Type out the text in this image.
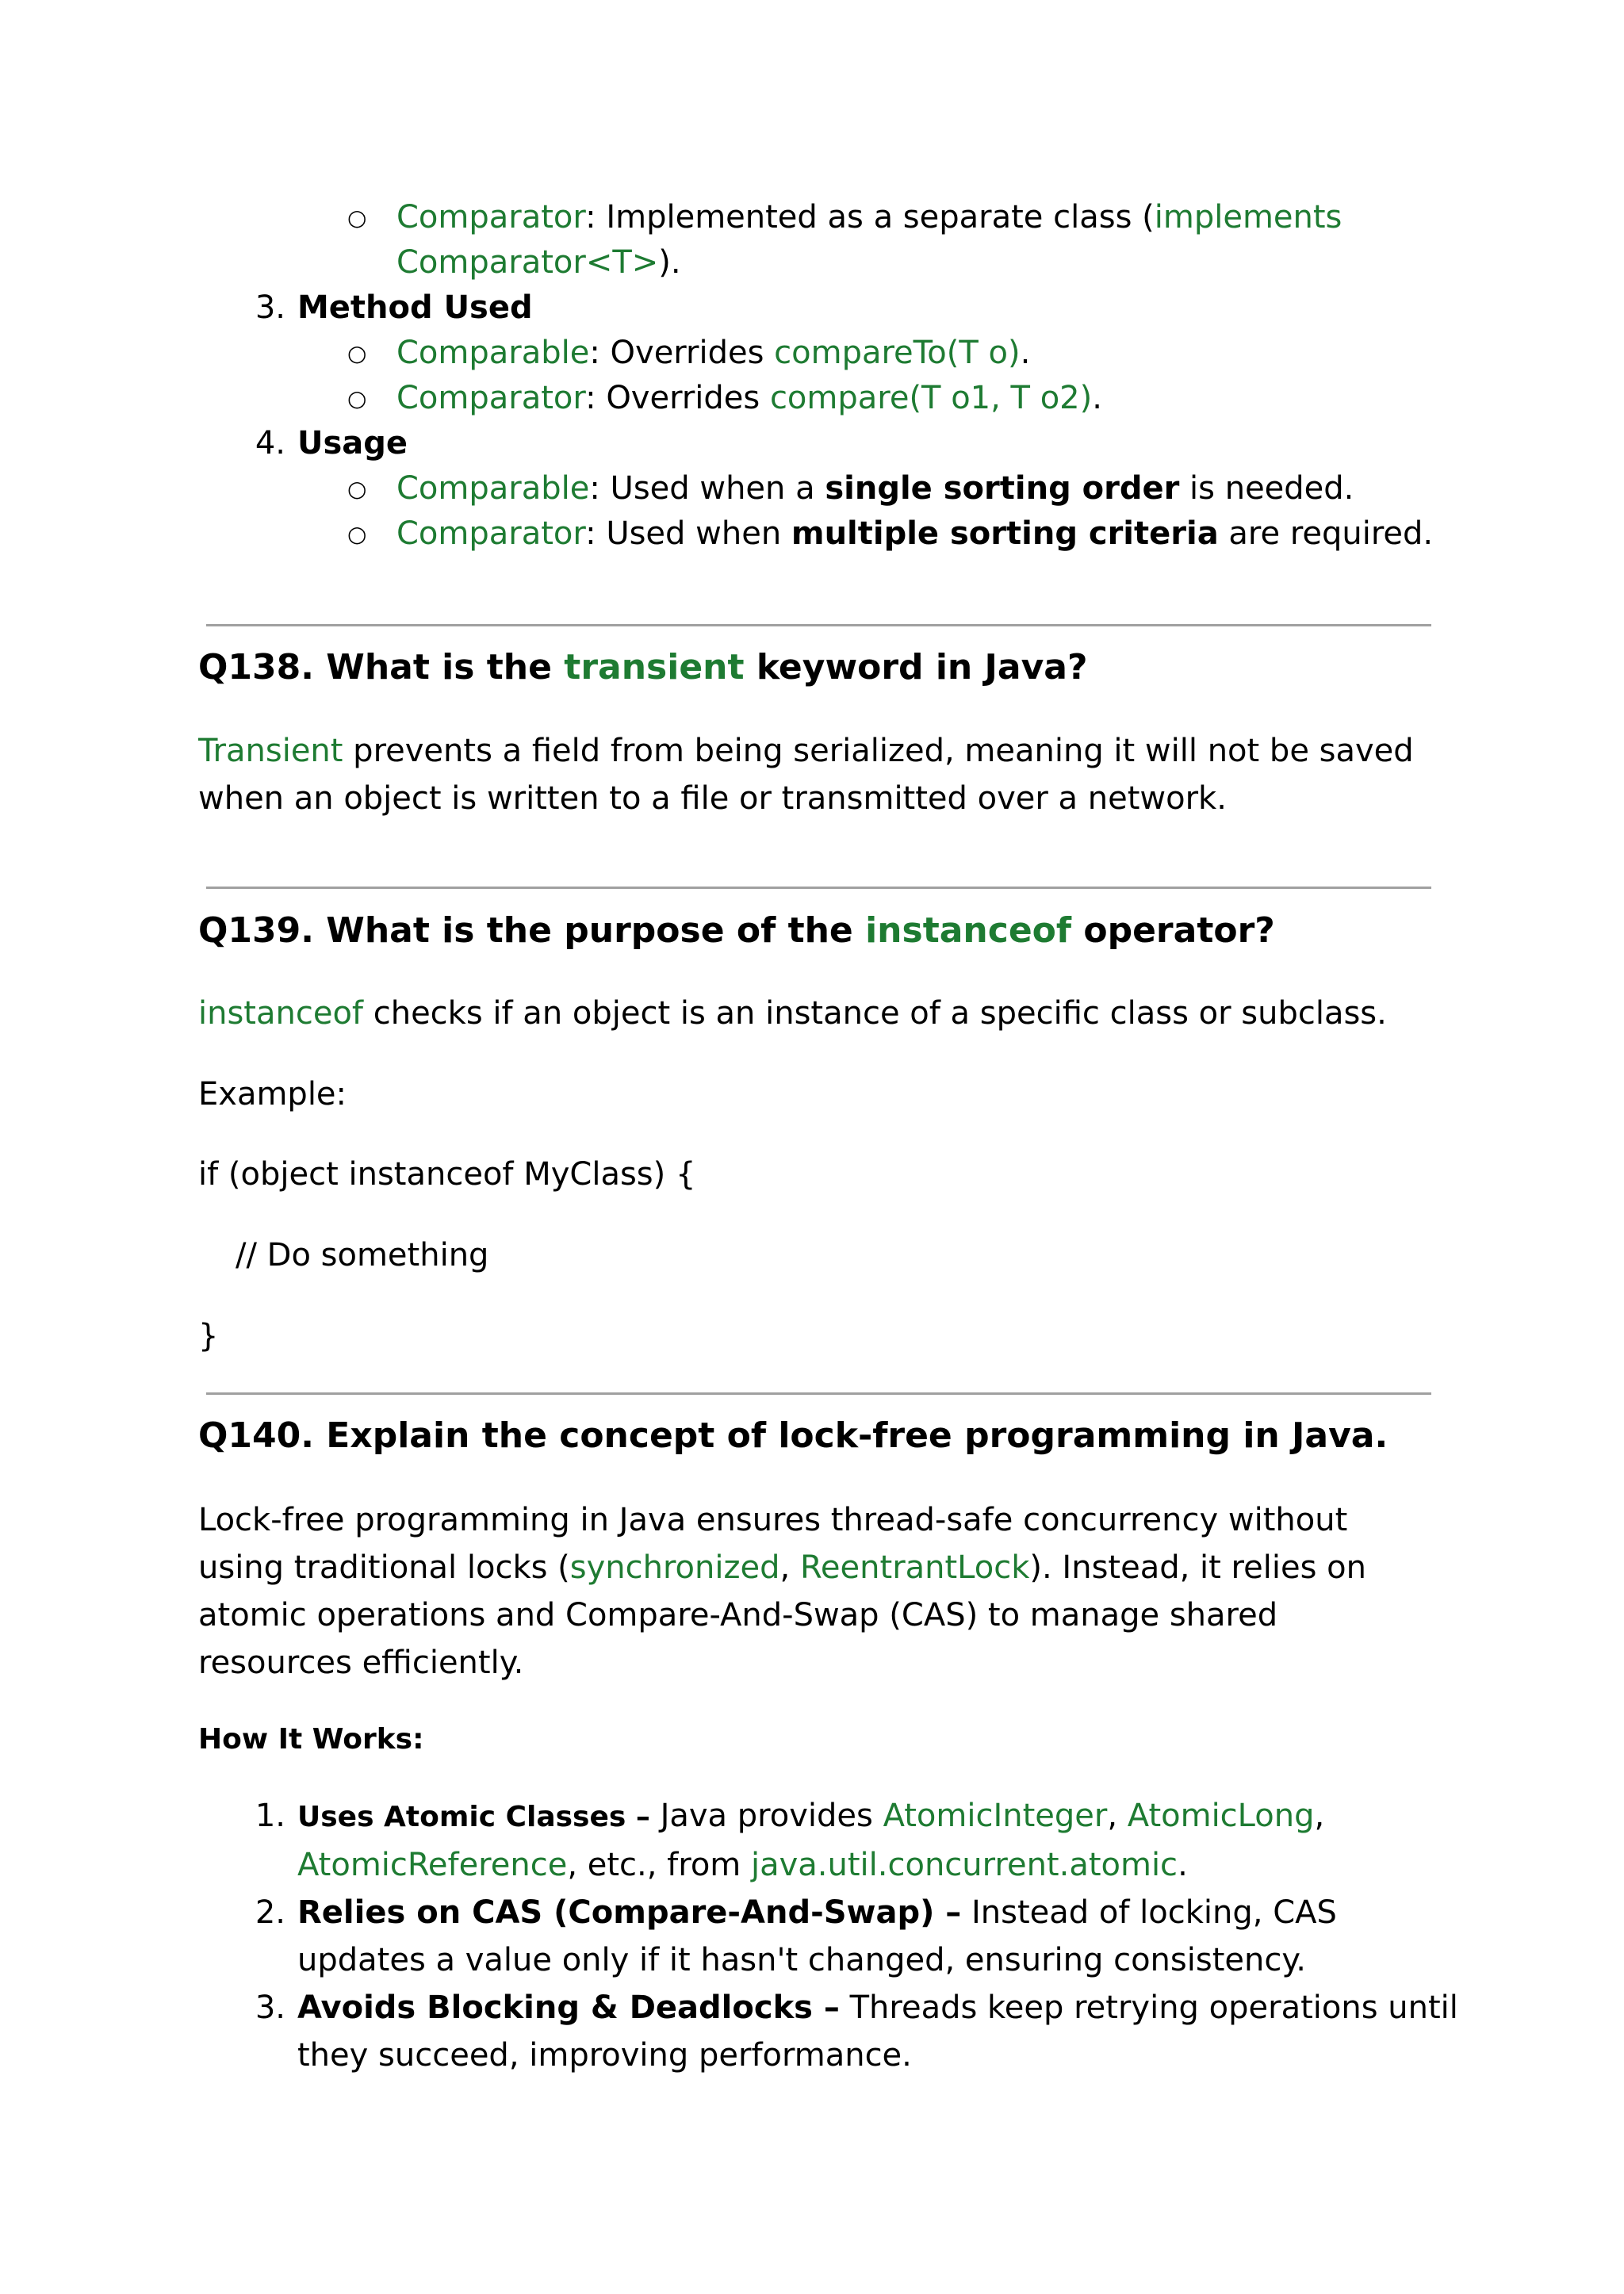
○ Comparator: Implemented as a separate class (implements
Comparator<T>).
3. Method Used
○ Comparable: Overrides compareTo(T o).
○ Comparator: Overrides compare(T o1, T o2).
4. Usage
○ Comparable: Used when a single sorting order is needed.
○ Comparator: Used when multiple sorting criteria are required.
Q138. What is the transient keyword in Java?
Transient prevents a field from being serialized, meaning it will not be saved
when an object is written to a file or transmitted over a network.
Q139. What is the purpose of the instanceof operator?
instanceof checks if an object is an instance of a specific class or subclass.
Example:
if (object instanceof MyClass) {
// Do something
}
Q140. Explain the concept of lock-free programming in Java.
Lock-free programming in Java ensures thread-safe concurrency without
using traditional locks (synchronized, ReentrantLock). Instead, it relies on
atomic operations and Compare-And-Swap (CAS) to manage shared
resources efficiently.
How It Works:
1. Uses Atomic Classes – Java provides AtomicInteger, AtomicLong,
AtomicReference, etc., from java.util.concurrent.atomic.
2. Relies on CAS (Compare-And-Swap) – Instead of locking, CAS
updates a value only if it hasn't changed, ensuring consistency.
3. Avoids Blocking & Deadlocks – Threads keep retrying operations until
they succeed, improving performance.
